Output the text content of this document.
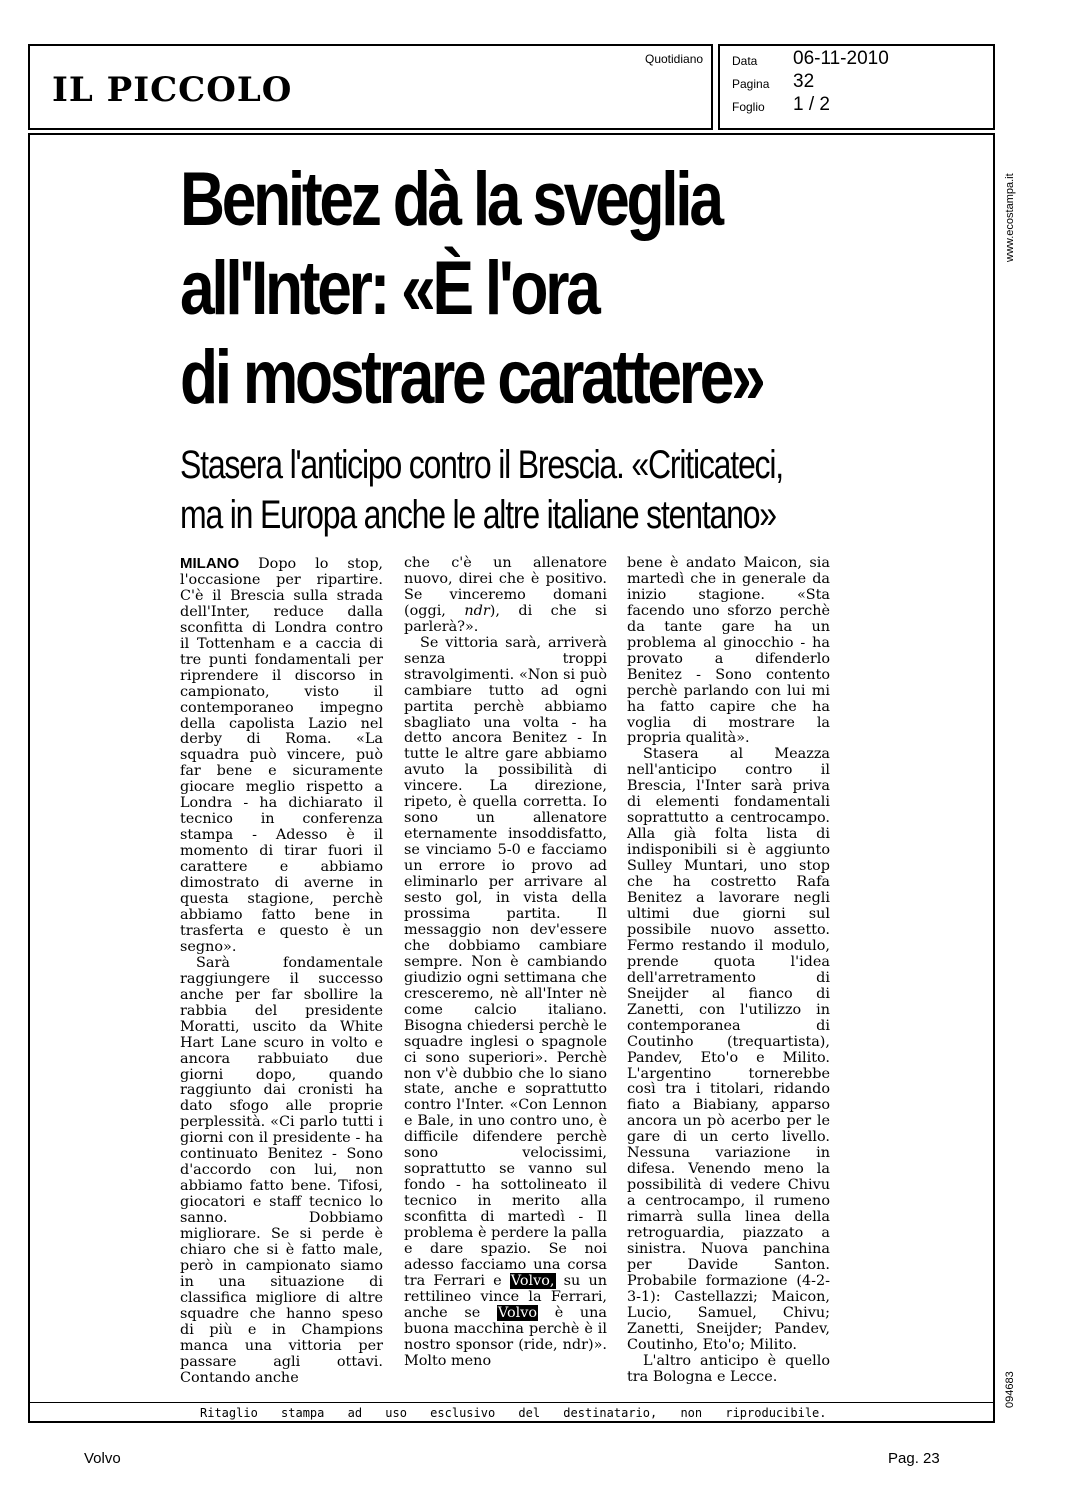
IL PICCOLO
Quotidiano Data 06-11-2010
Pagina 32
Foglio 1 / 2
www.ecostampa.it
094683
Benitez dà la sveglia
all'Inter: «È l'ora
di mostrare carattere»
Stasera l'anticipo contro il Brescia. «Criticateci,
ma in Europa anche le altre italiane stentano»

MILANO Dopo lo stop, l'occasione per ripartire. C'è il Brescia sulla strada dell'Inter, reduce dalla sconfitta di Londra contro il Tottenham e a caccia di tre punti fondamentali per riprendere il discorso in campionato, visto il contemporaneo impegno della capolista Lazio nel derby di Roma. «La squadra può vincere, può far bene e sicuramente giocare meglio rispetto a Londra - ha dichiarato il tecnico in conferenza stampa - Adesso è il momento di tirar fuori il carattere e abbiamo dimostrato di averne in questa stagione, perchè abbiamo fatto bene in trasferta e questo è un segno».

Sarà fondamentale raggiungere il successo anche per far sbollire la rabbia del presidente Moratti, uscito da White Hart Lane scuro in volto e ancora rabbuiato due giorni dopo, quando raggiunto dai cronisti ha dato sfogo alle proprie perplessità. «Ci parlo tutti i giorni con il presidente - ha continuato Benitez - Sono d'accordo con lui, non abbiamo fatto bene. Tifosi, giocatori e staff tecnico lo sanno. Dobbiamo migliorare. Se si perde è chiaro che si è fatto male, però in campionato siamo in una situazione di classifica migliore di altre squadre che hanno speso di più e in Champions manca una vittoria per passare agli ottavi. Contando anche

che c'è un allenatore nuovo, direi che è positivo. Se vinceremo domani (oggi, ndr), di che si parlerà?».

Se vittoria sarà, arriverà senza troppi stravolgimenti. «Non si può cambiare tutto ad ogni partita perchè abbiamo sbagliato una volta - ha detto ancora Benitez - In tutte le altre gare abbiamo avuto la possibilità di vincere. La direzione, ripeto, è quella corretta. Io sono un allenatore eternamente insoddisfatto, se vinciamo 5-0 e facciamo un errore io provo ad eliminarlo per arrivare al sesto gol, in vista della prossima partita. Il messaggio non dev'essere che dobbiamo cambiare sempre. Non è cambiando giudizio ogni settimana che cresceremo, nè all'Inter nè come calcio italiano. Bisogna chiedersi perchè le squadre inglesi o spagnole ci sono superiori». Perchè non v'è dubbio che lo siano state, anche e soprattutto contro l'Inter. «Con Lennon e Bale, in uno contro uno, è difficile difendere perchè sono velocissimi, soprattutto se vanno sul fondo - ha sottolineato il tecnico in merito alla sconfitta di martedì - Il problema è perdere la palla e dare spazio. Se noi adesso facciamo una corsa tra Ferrari e Volvo, su un rettilineo vince la Ferrari, anche se Volvo è una buona macchina perchè è il nostro sponsor (ride, ndr)». Molto meno

bene è andato Maicon, sia martedì che in generale da inizio stagione. «Sta facendo uno sforzo perchè da tante gare ha un problema al ginocchio - ha provato a difenderlo Benitez - Sono contento perchè parlando con lui mi ha fatto capire che ha voglia di mostrare la propria qualità».

Stasera al Meazza nell'anticipo contro il Brescia, l'Inter sarà priva di elementi fondamentali soprattutto a centrocampo. Alla già folta lista di indisponibili si è aggiunto Sulley Muntari, uno stop che ha costretto Rafa Benitez a lavorare negli ultimi due giorni sul possibile nuovo assetto. Fermo restando il modulo, prende quota l'idea dell'arretramento di Sneijder al fianco di Zanetti, con l'utilizzo in contemporanea di Coutinho (trequartista), Pandev, Eto'o e Milito. L'argentino tornerebbe così tra i titolari, ridando fiato a Biabiany, apparso ancora un pò acerbo per le gare di un certo livello. Nessuna variazione in difesa. Venendo meno la possibilità di vedere Chivu a centrocampo, il rumeno rimarrà sulla linea della retroguardia, piazzato a sinistra. Nuova panchina per Davide Santon. Probabile formazione (4-2-3-1): Castellazzi; Maicon, Lucio, Samuel, Chivu; Zanetti, Sneijder; Pandev, Coutinho, Eto'o; Milito.

L'altro anticipo è quello tra Bologna e Lecce.

Ritaglio stampa ad uso esclusivo del destinatario, non riproducibile.
Volvo	Pag. 23
